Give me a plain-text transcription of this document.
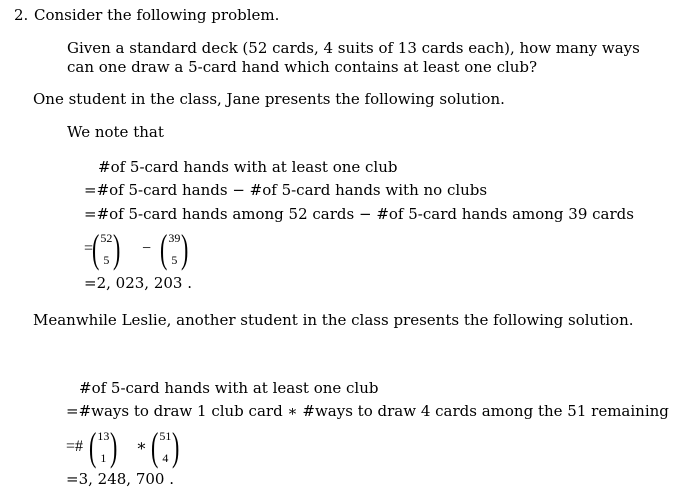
2. Consider the following problem.
Given a standard deck (52 cards, 4 suits of 13 cards each), how many ways
can one draw a 5-card hand which contains at least one club?
One student in the class, Jane presents the following solution.
We note that
#of 5-card hands with at least one club
=#of 5-card hands − #of 5-card hands with no clubs
=#of 5-card hands among 52 cards − #of 5-card hands among 39 cards
=
( 52
5 ) − ( 39
5 )
=2, 023, 203 .
Meanwhile Leslie, another student in the class presents the following solution.
#of 5-card hands with at least one club
=#ways to draw 1 club card ∗ #ways to draw 4 cards among the 51 remaining
=# ( 13
1 ) ∗ ( 51
4 )
=3, 248, 700 .
